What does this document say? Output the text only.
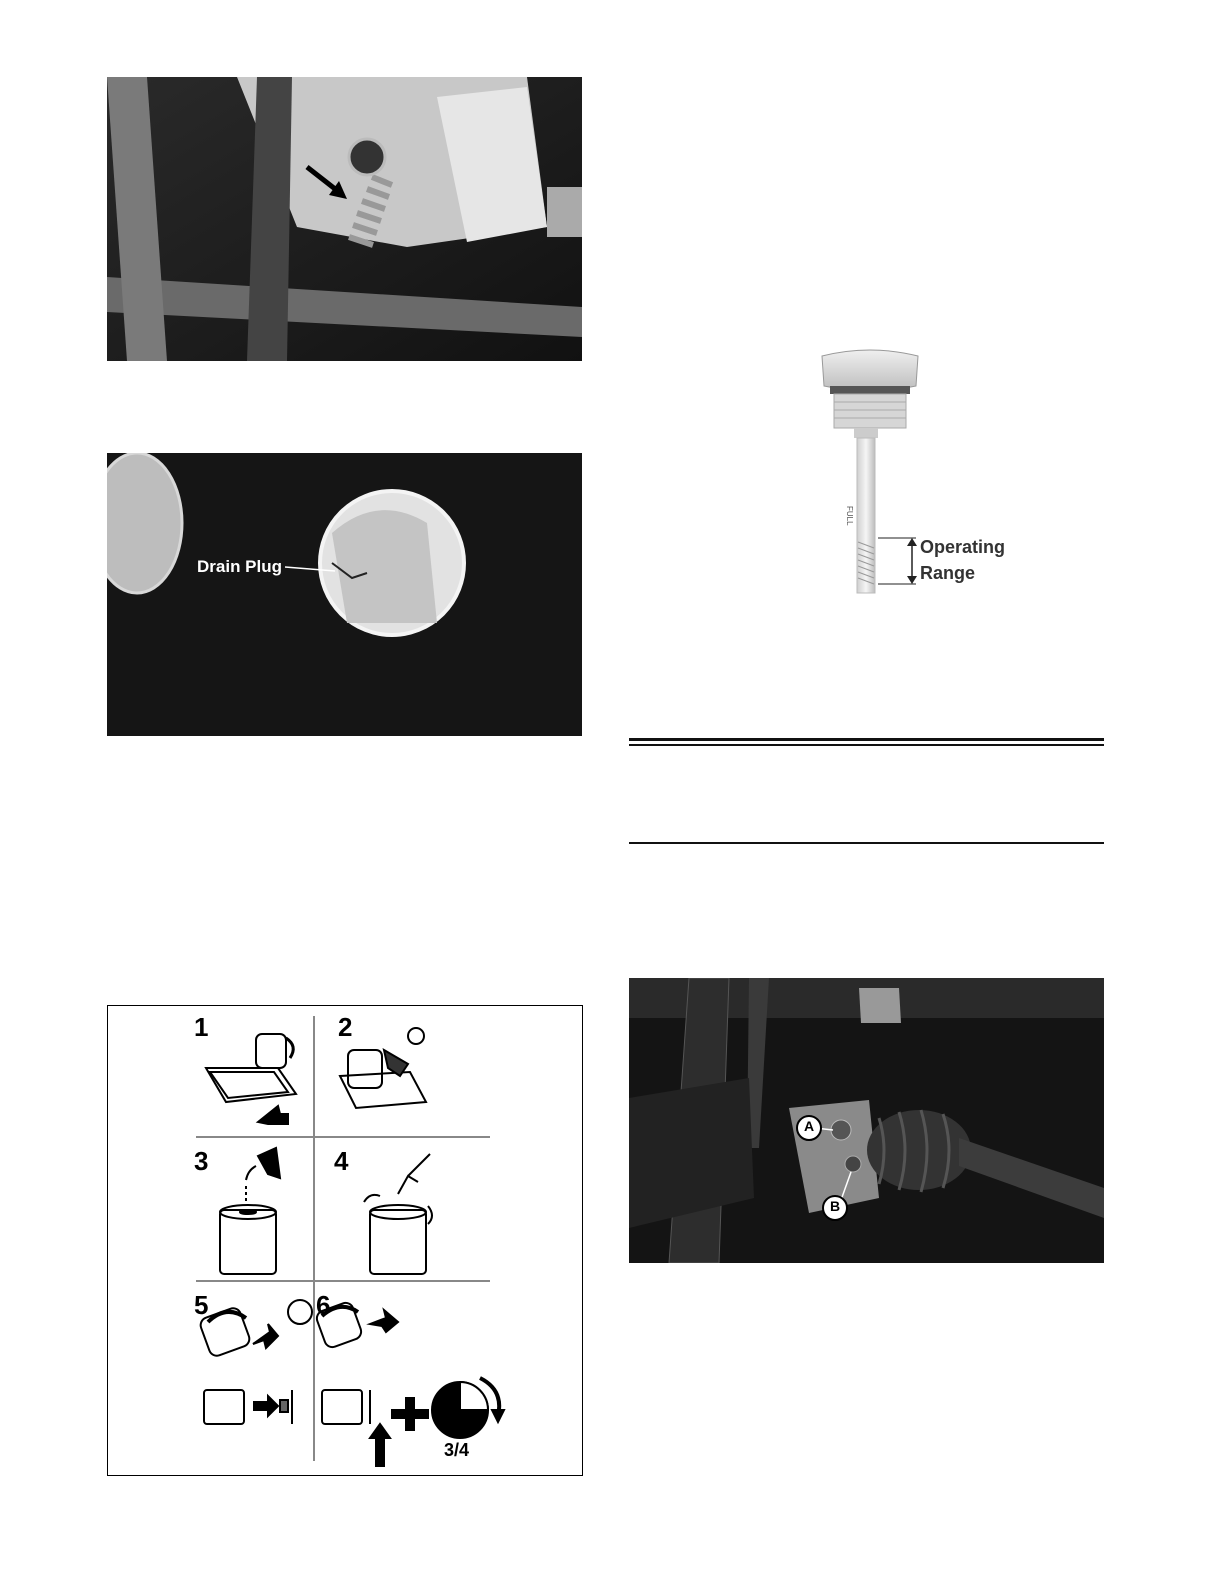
Drain Plug
1	2
3	4
5	6
3/4
FULL
Operating
Range
A
B
